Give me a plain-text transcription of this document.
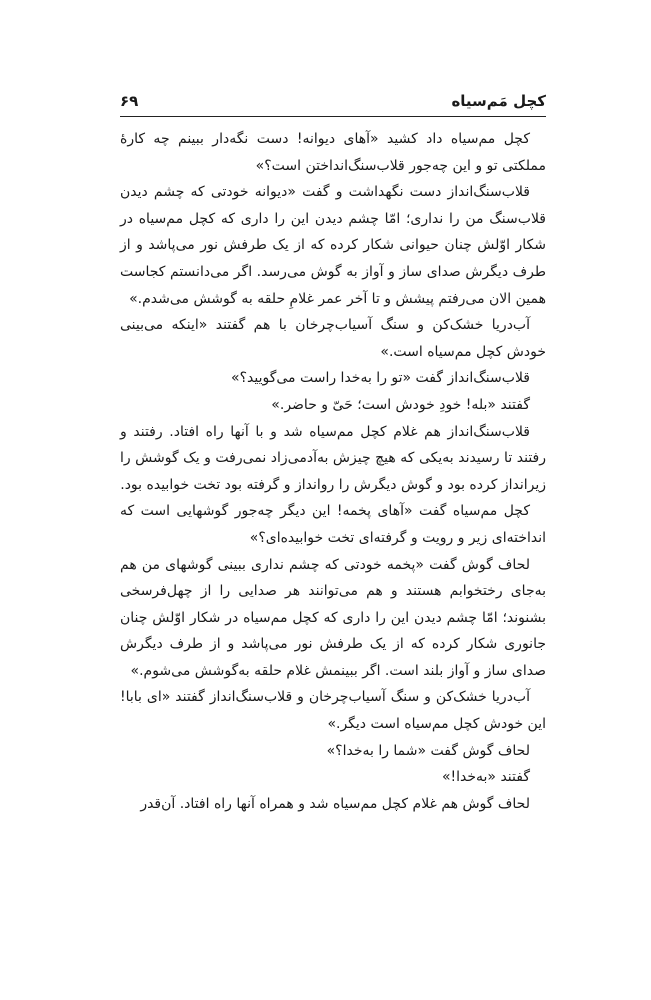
کچل مَم‌سیاه
۶۹

کچل مم‌سیاه داد کشید «آهای دیوانه! دست نگه‌دار ببینم چه کارهٔ مملکتی تو و این چه‌جور قلاب‌سنگ‌انداختن است؟»

قلاب‌سنگ‌انداز دست نگهداشت و گفت «دیوانه خودتی که چشم دیدن قلاب‌سنگ من را نداری؛ امّا چشم دیدن این را داری که کچل مم‌سیاه در شکار اوّلش چنان حیوانی شکار کرده که از یک طرفش نور می‌پاشد و از طرف دیگرش صدای ساز و آواز به گوش می‌رسد. اگر می‌دانستم کجاست همین الان می‌رفتم پیشش و تا آخر عمر غلامِ حلقه به گوشش می‌شدم.»

آب‌دریا خشک‌کن و سنگ آسیاب‌چرخان با هم گفتند «اینکه می‌بینی خودش کچل مم‌سیاه است.»

قلاب‌سنگ‌انداز گفت «تو را به‌خدا راست می‌گویید؟»

گفتند «بله! خودِ خودش است؛ حَیّ و حاضر.»

قلاب‌سنگ‌انداز هم غلام کچل مم‌سیاه شد و با آنها راه افتاد. رفتند و رفتند تا رسیدند به‌یکی که هیچ چیزش به‌آدمی‌زاد نمی‌رفت و یک گوشش را زیرانداز کرده بود و گوش دیگرش را روانداز و گرفته بود تخت خوابیده بود.

کچل مم‌سیاه گفت «آهای پخمه! این دیگر چه‌جور گوشهایی است که انداخته‌ای زیر و رویت و گرفته‌ای تخت خوابیده‌ای؟»

لحاف گوش گفت «پخمه خودتی که چشم نداری ببینی گوشهای من هم به‌جای رختخوابم هستند و هم می‌توانند هر صدایی را از چهل‌فرسخی بشنوند؛ امّا چشم دیدن این را داری که کچل مم‌سیاه در شکار اوّلش چنان جانوری شکار کرده که از یک طرفش نور می‌پاشد و از طرف دیگرش صدای ساز و آواز بلند است. اگر ببینمش غلام حلقه به‌گوشش می‌شوم.»

آب‌دریا خشک‌کن و سنگ آسیاب‌چرخان و قلاب‌سنگ‌انداز گفتند «ای بابا! این خودش کچل مم‌سیاه است دیگر.»

لحاف گوش گفت «شما را به‌خدا؟»

گفتند «به‌خدا!»

لحاف گوش هم غلام کچل مم‌سیاه شد و همراه آنها راه افتاد. آن‌قدر
